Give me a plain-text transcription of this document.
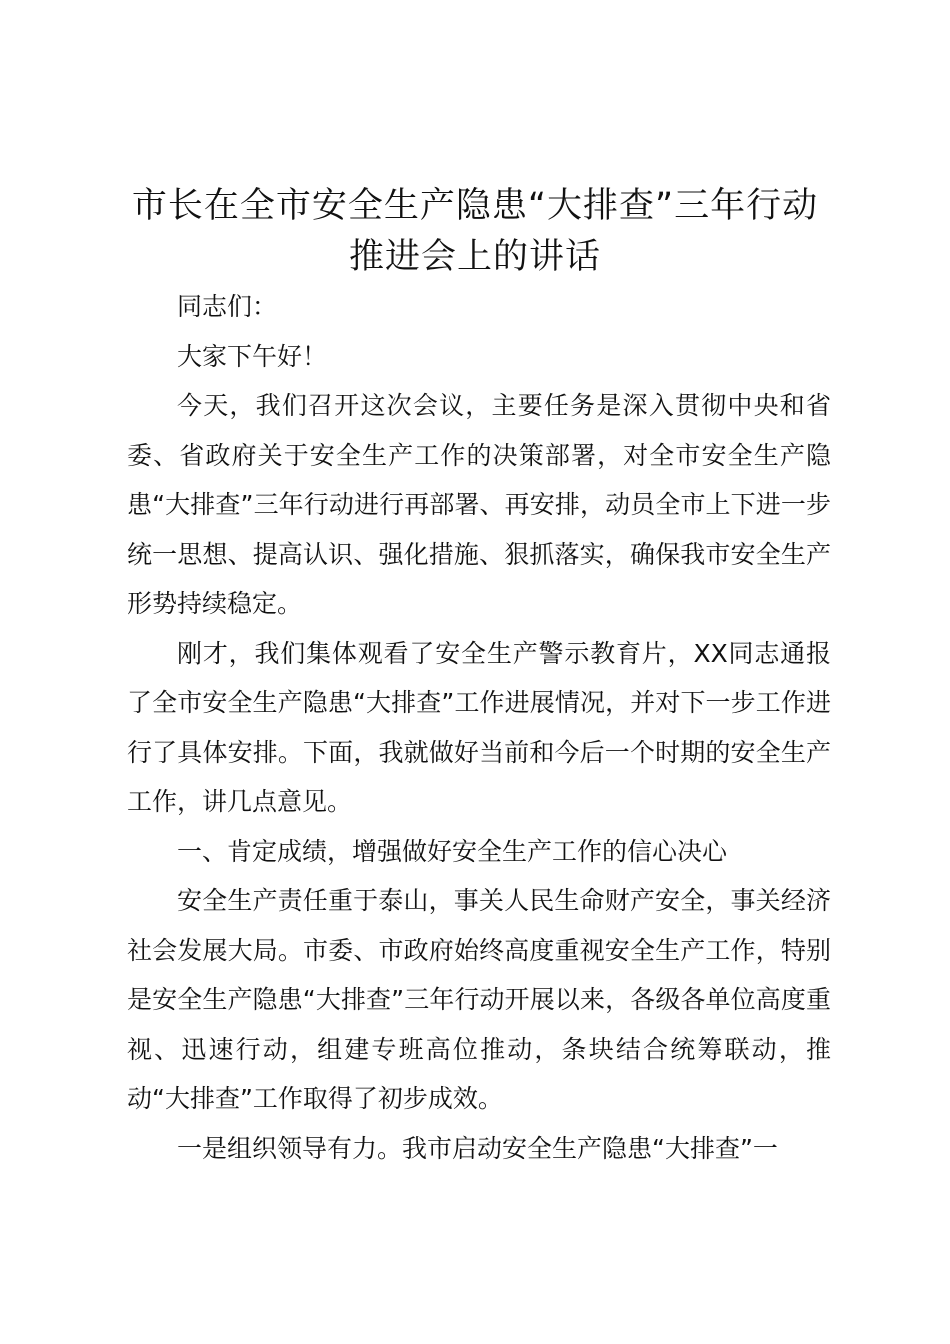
市长在全市安全生产隐患“大排查”三年行动
推进会上的讲话

同志们：

大家下午好！

今天，我们召开这次会议，主要任务是深入贯彻中央和省委、省政府关于安全生产工作的决策部署，对全市安全生产隐患“大排查”三年行动进行再部署、再安排，动员全市上下进一步统一思想、提高认识、强化措施、狠抓落实，确保我市安全生产形势持续稳定。

刚才，我们集体观看了安全生产警示教育片，XX同志通报了全市安全生产隐患“大排查”工作进展情况，并对下一步工作进行了具体安排。下面，我就做好当前和今后一个时期的安全生产工作，讲几点意见。

一、肯定成绩，增强做好安全生产工作的信心决心

安全生产责任重于泰山，事关人民生命财产安全，事关经济社会发展大局。市委、市政府始终高度重视安全生产工作，特别是安全生产隐患“大排查”三年行动开展以来，各级各单位高度重视、迅速行动，组建专班高位推动，条块结合统筹联动，推动“大排查”工作取得了初步成效。

一是组织领导有力。我市启动安全生产隐患“大排查”一
